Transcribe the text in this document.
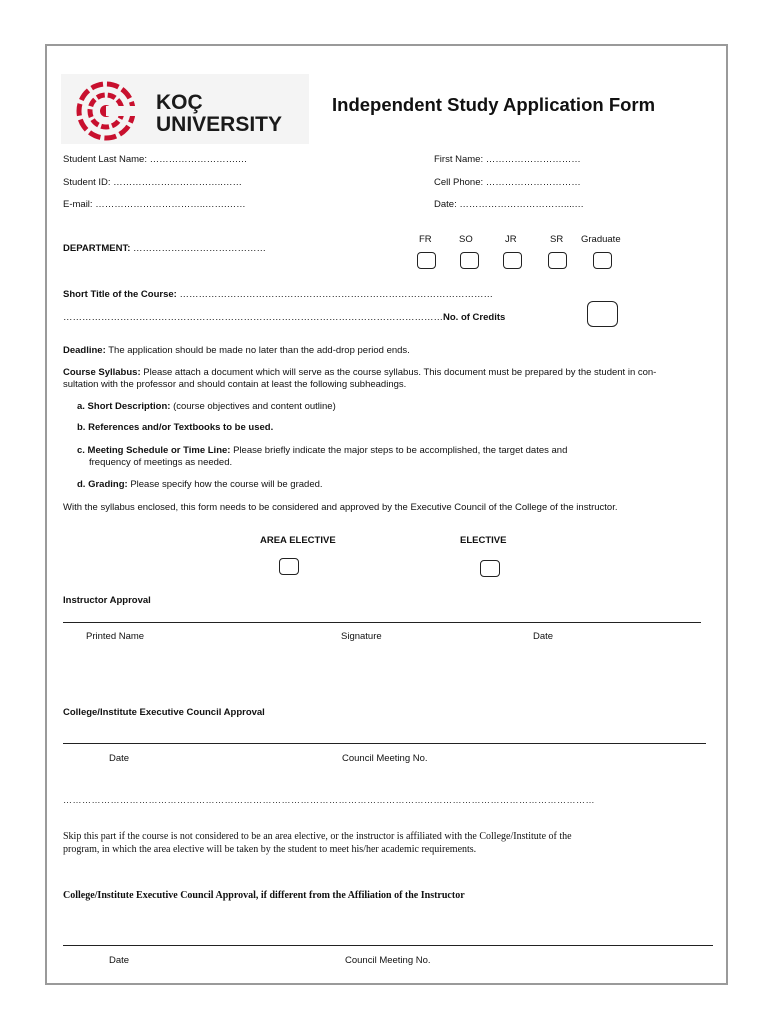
KOÇ
UNIVERSITY
Independent Study Application Form
Student Last Name: ……………………….…	First Name: …………………………
Student ID: ……………………………..……	Cell Phone: …………………………
E-mail: ……………………………..…….……	Date: ……………………………....…
DEPARTMENT: ……………………………………
FR	SO	JR	SR Graduate
Short Title of the Course: ………………………………………………………………………………………
…………………………………………………………………………………………………………No. of Credits
Deadline: The application should be made no later than the add-drop period ends.
Course Syllabus: Please attach a document which will serve as the course syllabus. This document must be prepared by the student in con-
sultation with the professor and should contain at least the following subheadings.
a. Short Description: (course objectives and content outline)
b. References and/or Textbooks to be used.
c. Meeting Schedule or Time Line: Please briefly indicate the major steps to be accomplished, the target dates and
frequency of meetings as needed.
d. Grading: Please specify how the course will be graded.
With the syllabus enclosed, this form needs to be considered and approved by the Executive Council of the College of the instructor.
AREA ELECTIVE	ELECTIVE
Instructor Approval
Printed Name	Signature	Date
College/Institute Executive Council Approval
Date	Council Meeting No.
……………………………………………………………………………………………………………………………………………………
Skip this part if the course is not considered to be an area elective, or the instructor is affiliated with the College/Institute of the
program, in which the area elective will be taken by the student to meet his/her academic requirements.
College/Institute Executive Council Approval, if different from the Affiliation of the Instructor
Date	Council Meeting No.
